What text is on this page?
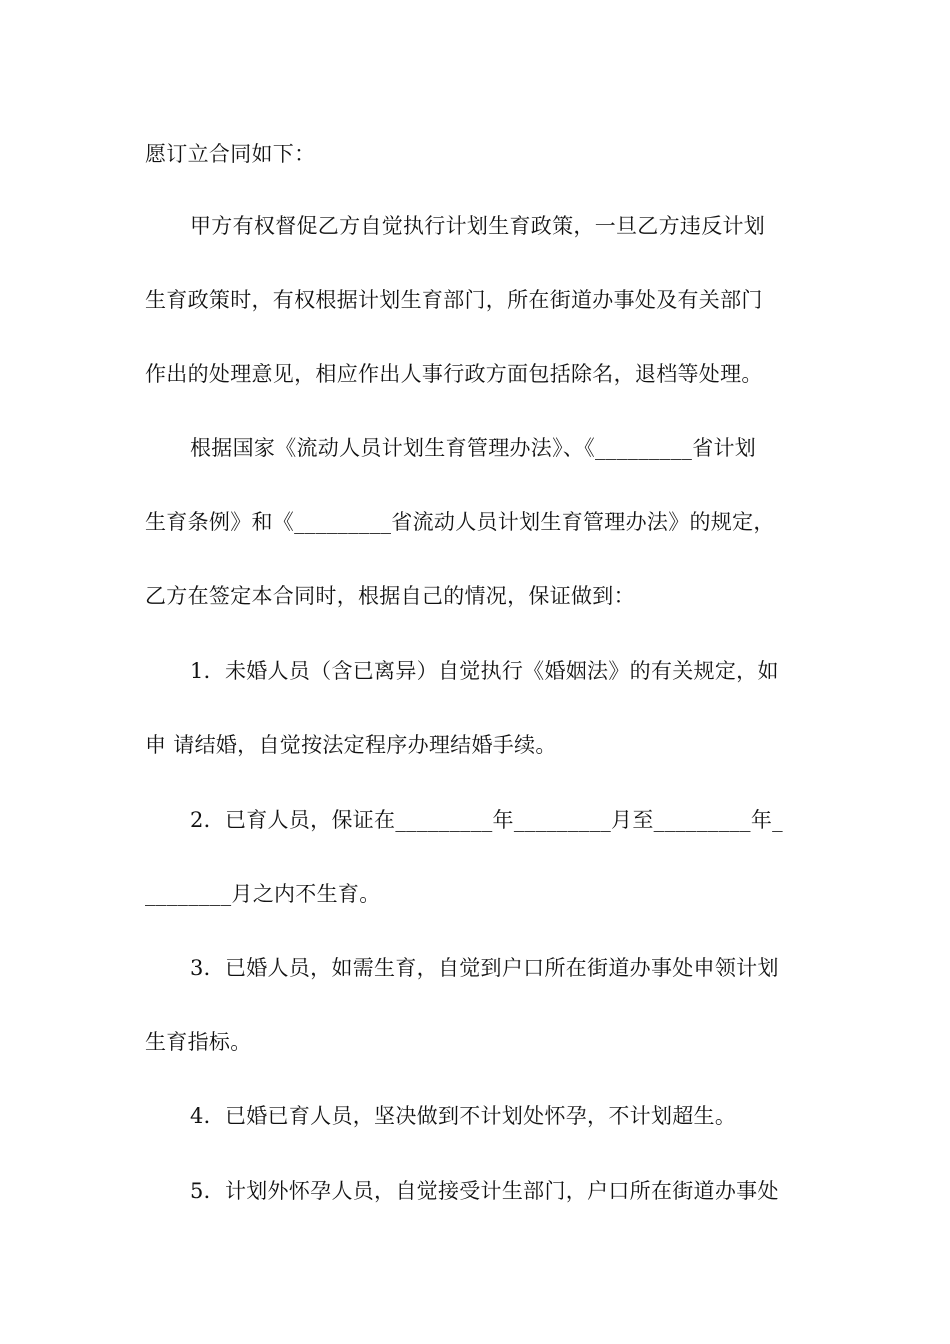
愿订立合同如下：
甲方有权督促乙方自觉执行计划生育政策，一旦乙方违反计划
生育政策时，有权根据计划生育部门，所在街道办事处及有关部门
作出的处理意见，相应作出人事行政方面包括除名，退档等处理。
根据国家《流动人员计划生育管理办法》、《_________省计划
生育条例》和《_________省流动人员计划生育管理办法》的规定，
乙方在签定本合同时，根据自己的情况，保证做到：
1．未婚人员（含已离异）自觉执行《婚姻法》的有关规定，如
申 请结婚，自觉按法定程序办理结婚手续。
2．已育人员，保证在_________年_________月至_________年_
________月之内不生育。
3．已婚人员，如需生育，自觉到户口所在街道办事处申领计划
生育指标。
4．已婚已育人员，坚决做到不计划处怀孕，不计划超生。
5．计划外怀孕人员，自觉接受计生部门，户口所在街道办事处
